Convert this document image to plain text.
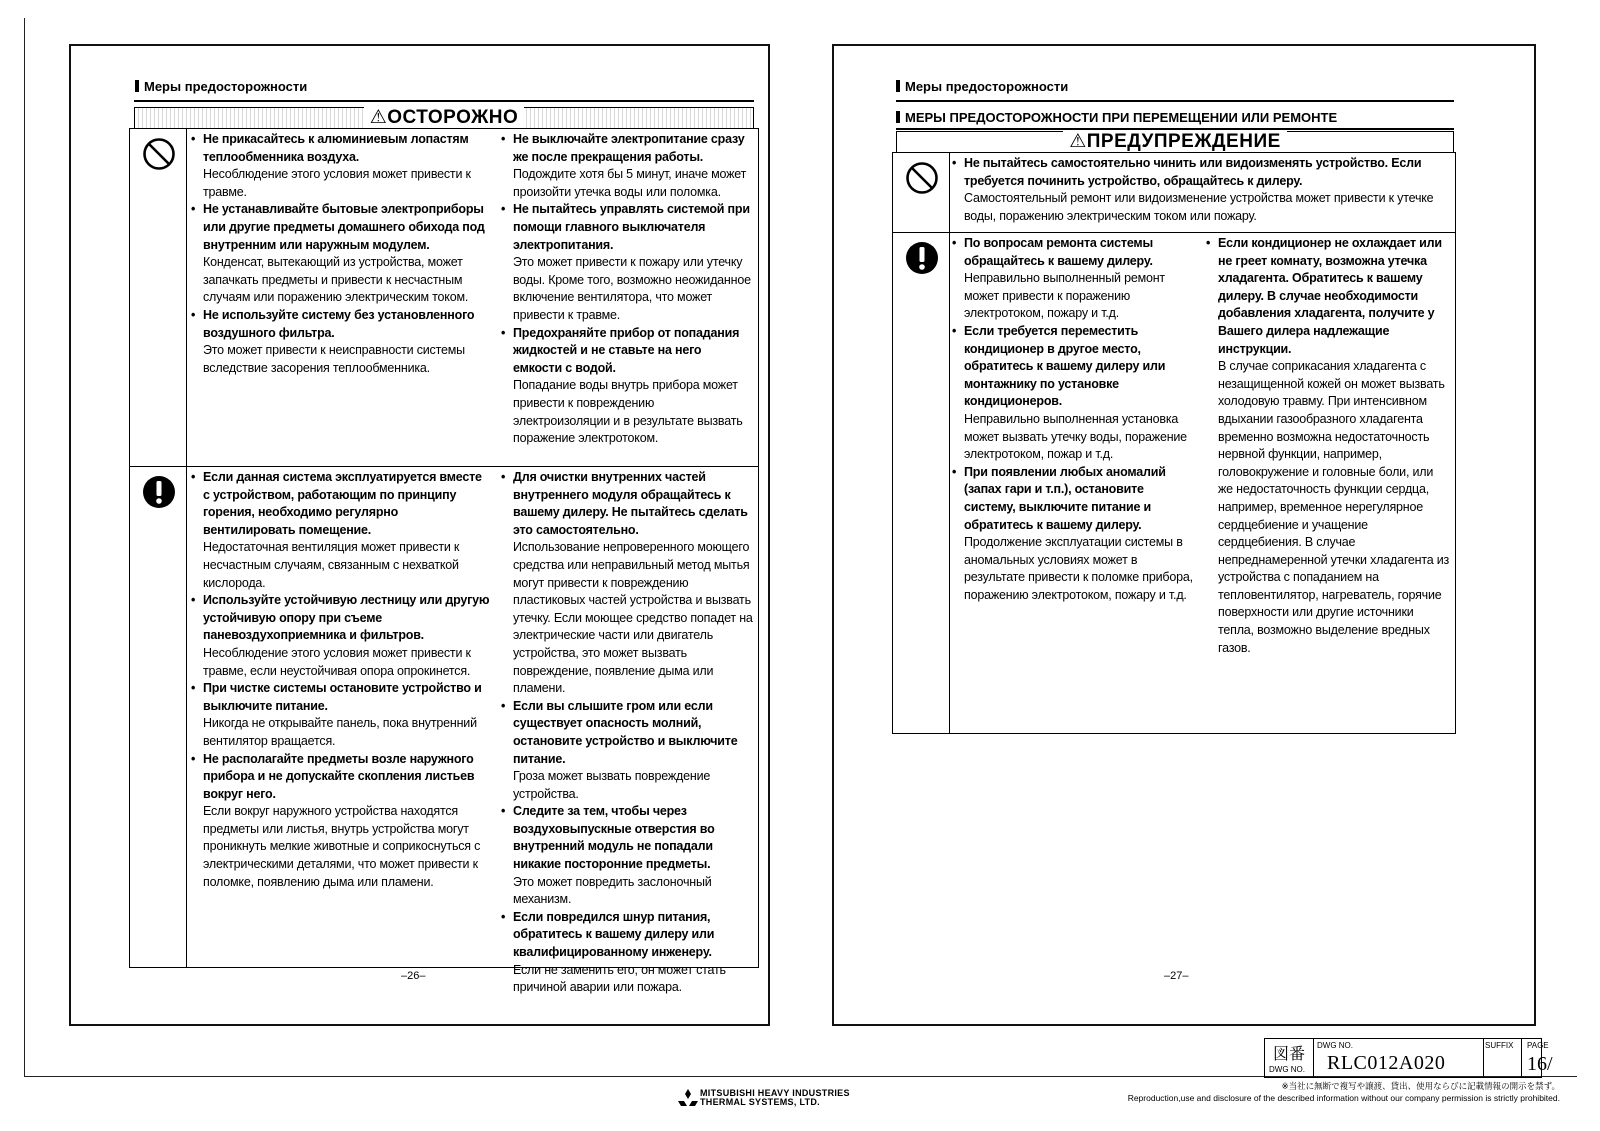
Меры предосторожности
⚠ОСТОРОЖНО
• Не прикасайтесь к алюминиевым лопастям теплообменника воздуха.
Несоблюдение этого условия может привести к травме.
• Не устанавливайте бытовые электроприборы или другие предметы домашнего обихода под внутренним или наружным модулем.
Конденсат, вытекающий из устройства, может запачкать предметы и привести к несчастным случаям или поражению электрическим током.
• Не используйте систему без установленного воздушного фильтра.
Это может привести к неисправности системы вследствие засорения теплообменника.
• Не выключайте электропитание сразу же после прекращения работы.
Подождите хотя бы 5 минут, иначе может произойти утечка воды или поломка.
• Не пытайтесь управлять системой при помощи главного выключателя электропитания.
Это может привести к пожару или утечку воды. Кроме того, возможно неожиданное включение вентилятора, что может привести к травме.
• Предохраняйте прибор от попадания жидкостей и не ставьте на него емкости с водой.
Попадание воды внутрь прибора может привести к повреждению электроизоляции и в результате вызвать поражение электротоком.
• Если данная система эксплуатируется вместе с устройством, работающим по принципу горения, необходимо регулярно вентилировать помещение.
Недостаточная вентиляция может привести к несчастным случаям, связанным с нехваткой кислорода.
• Используйте устойчивую лестницу или другую устойчивую опору при съеме паневоздухоприемника и фильтров.
Несоблюдение этого условия может привести к травме, если неустойчивая опора опрокинется.
• При чистке системы остановите устройство и выключите питание.
Никогда не открывайте панель, пока внутренний вентилятор вращается.
• Не располагайте предметы возле наружного прибора и не допускайте скопления листьев вокруг него.
Если вокруг наружного устройства находятся предметы или листья, внутрь устройства могут проникнуть мелкие животные и соприкоснуться с электрическими деталями, что может привести к поломке, появлению дыма или пламени.
• Для очистки внутренних частей внутреннего модуля обращайтесь к вашему дилеру. Не пытайтесь сделать это самостоятельно.
Использование непроверенного моющего средства или неправильный метод мытья могут привести к повреждению пластиковых частей устройства и вызвать утечку. Если моющее средство попадет на электрические части или двигатель устройства, это может вызвать повреждение, появление дыма или пламени.
• Если вы слышите гром или если существует опасность молний, остановите устройство и выключите питание.
Гроза может вызвать повреждение устройства.
• Следите за тем, чтобы через воздуховыпускные отверстия во внутренний модуль не попадали никакие посторонние предметы.
Это может повредить заслоночный механизм.
• Если повредился шнур питания, обратитесь к вашему дилеру или квалифицированному инженеру.
Если не заменить его, он может стать причиной аварии или пожара.
–26–
Меры предосторожности
МЕРЫ ПРЕДОСТОРОЖНОСТИ ПРИ ПЕРЕМЕЩЕНИИ ИЛИ РЕМОНТЕ
⚠ПРЕДУПРЕЖДЕНИЕ
• Не пытайтесь самостоятельно чинить или видоизменять устройство. Если требуется починить устройство, обращайтесь к дилеру.
Самостоятельный ремонт или видоизменение устройства может привести к утечке воды, поражению электрическим током или пожару.
• По вопросам ремонта системы обращайтесь к вашему дилеру.
Неправильно выполненный ремонт может привести к поражению электротоком, пожару и т.д.
• Если требуется переместить кондиционер в другое место, обратитесь к вашему дилеру или монтажнику по установке кондиционеров.
Неправильно выполненная установка может вызвать утечку воды, поражение электротоком, пожар и т.д.
• При появлении любых аномалий (запах гари и т.п.), остановите систему, выключите питание и обратитесь к вашему дилеру.
Продолжение эксплуатации системы в аномальных условиях может в результате привести к поломке прибора, поражению электротоком, пожару и т.д.
• Если кондиционер не охлаждает или не греет комнату, возможна утечка хладагента. Обратитесь к вашему дилеру. В случае необходимости добавления хладагента, получите у Вашего дилера надлежащие инструкции.
В случае соприкасания хладагента с незащищенной кожей он может вызвать холодовую травму. При интенсивном вдыхании газообразного хладагента временно возможна недостаточность нервной функции, например, головокружение и головные боли, или же недостаточность функции сердца, например, временное нерегулярное сердцебиение и учащение сердцебиения. В случае непреднамеренной утечки хладагента из устройства с попаданием на тепловентилятор, нагреватель, горячие поверхности или другие источники тепла, возможно выделение вредных газов.
–27–
図番
DWG NO.
DWG NO.
RLC012A020
SUFFIX PAGE
16/
MITSUBISHI HEAVY INDUSTRIES
THERMAL SYSTEMS, LTD.
※当社に無断で複写や譲渡、貸出、使用ならびに記載情報の開示を禁ず。
Reproduction,use and disclosure of the described information without our company permission is strictly prohibited.
